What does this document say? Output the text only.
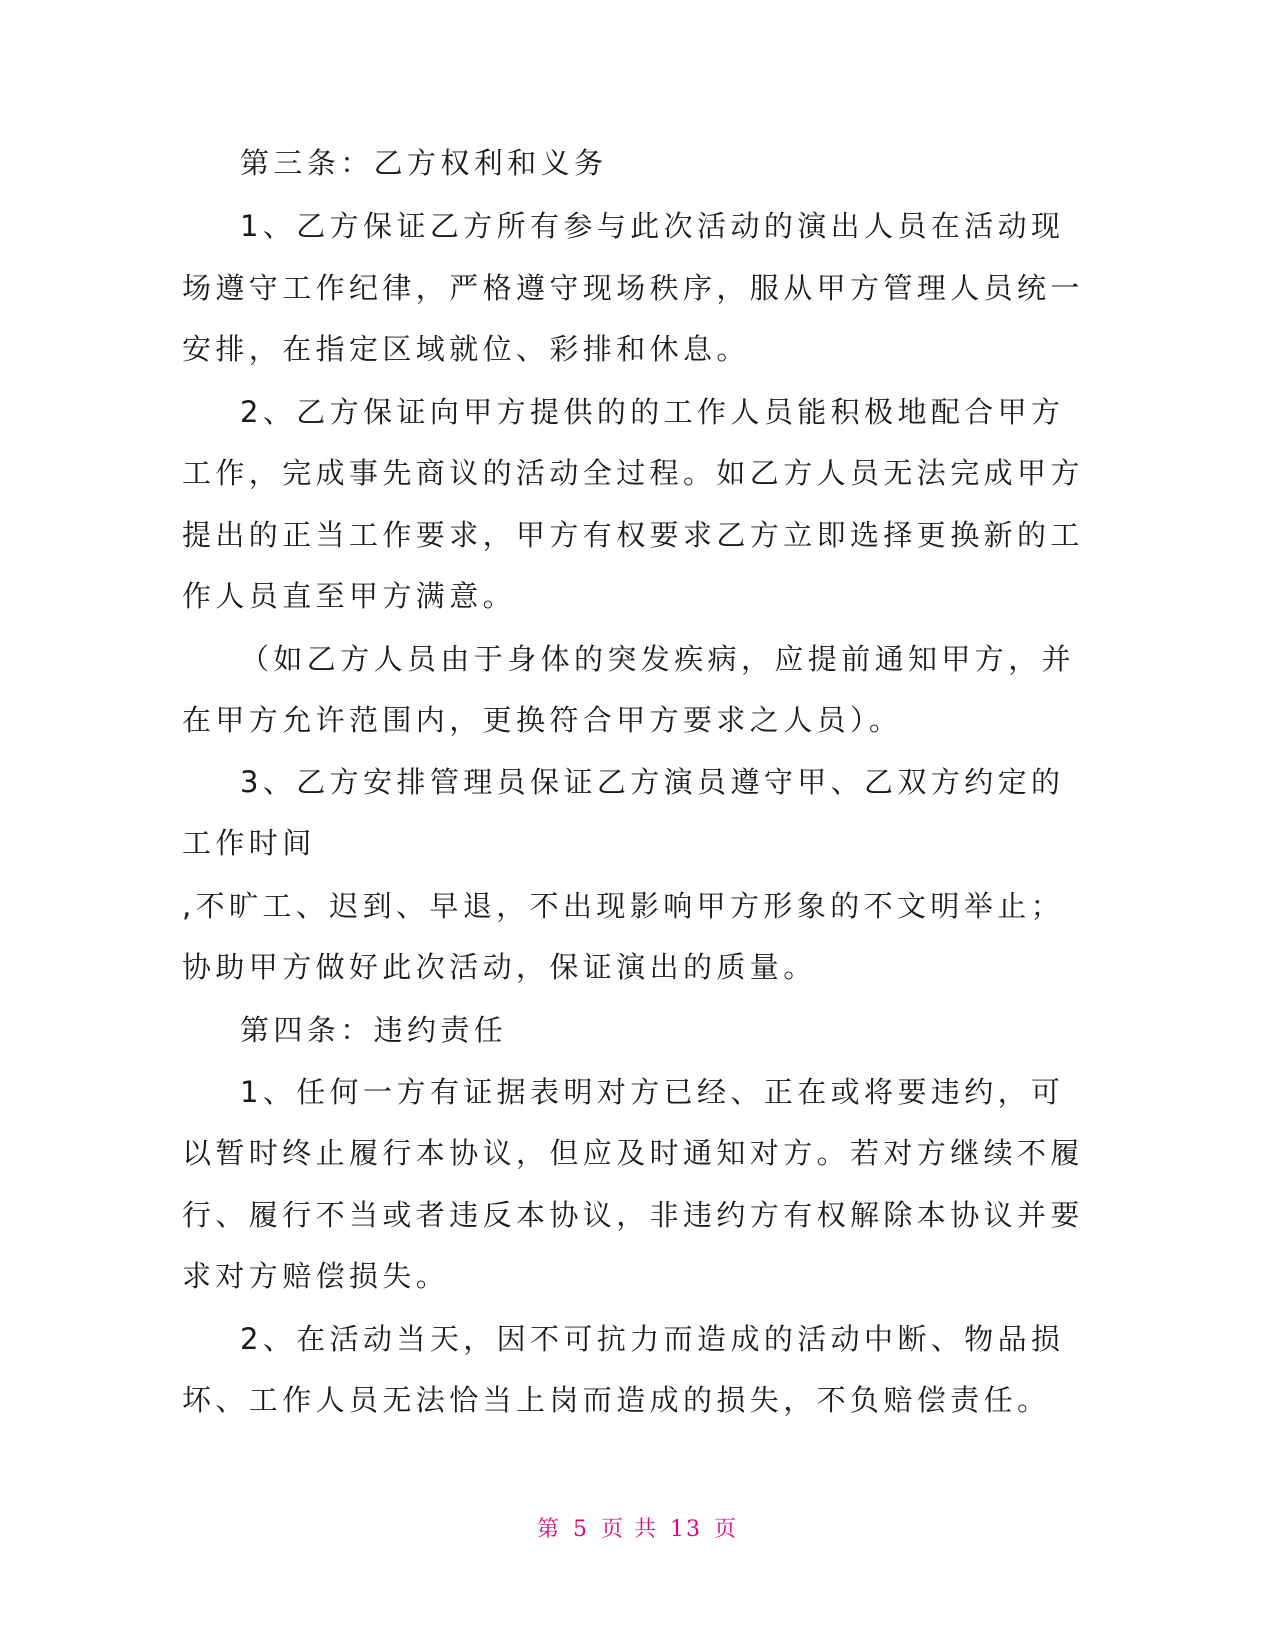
第三条：乙方权利和义务
1、乙方保证乙方所有参与此次活动的演出人员在活动现
场遵守工作纪律，严格遵守现场秩序，服从甲方管理人员统一
安排，在指定区域就位、彩排和休息。
2、乙方保证向甲方提供的的工作人员能积极地配合甲方
工作，完成事先商议的活动全过程。如乙方人员无法完成甲方
提出的正当工作要求，甲方有权要求乙方立即选择更换新的工
作人员直至甲方满意。
（如乙方人员由于身体的突发疾病，应提前通知甲方，并
在甲方允许范围内，更换符合甲方要求之人员）。
3、乙方安排管理员保证乙方演员遵守甲、乙双方约定的
工作时间
,不旷工、迟到、早退，不出现影响甲方形象的不文明举止；
协助甲方做好此次活动，保证演出的质量。
第四条：违约责任
1、任何一方有证据表明对方已经、正在或将要违约，可
以暂时终止履行本协议，但应及时通知对方。若对方继续不履
行、履行不当或者违反本协议，非违约方有权解除本协议并要
求对方赔偿损失。
2、在活动当天，因不可抗力而造成的活动中断、物品损
坏、工作人员无法恰当上岗而造成的损失，不负赔偿责任。
第 5 页 共 13 页
